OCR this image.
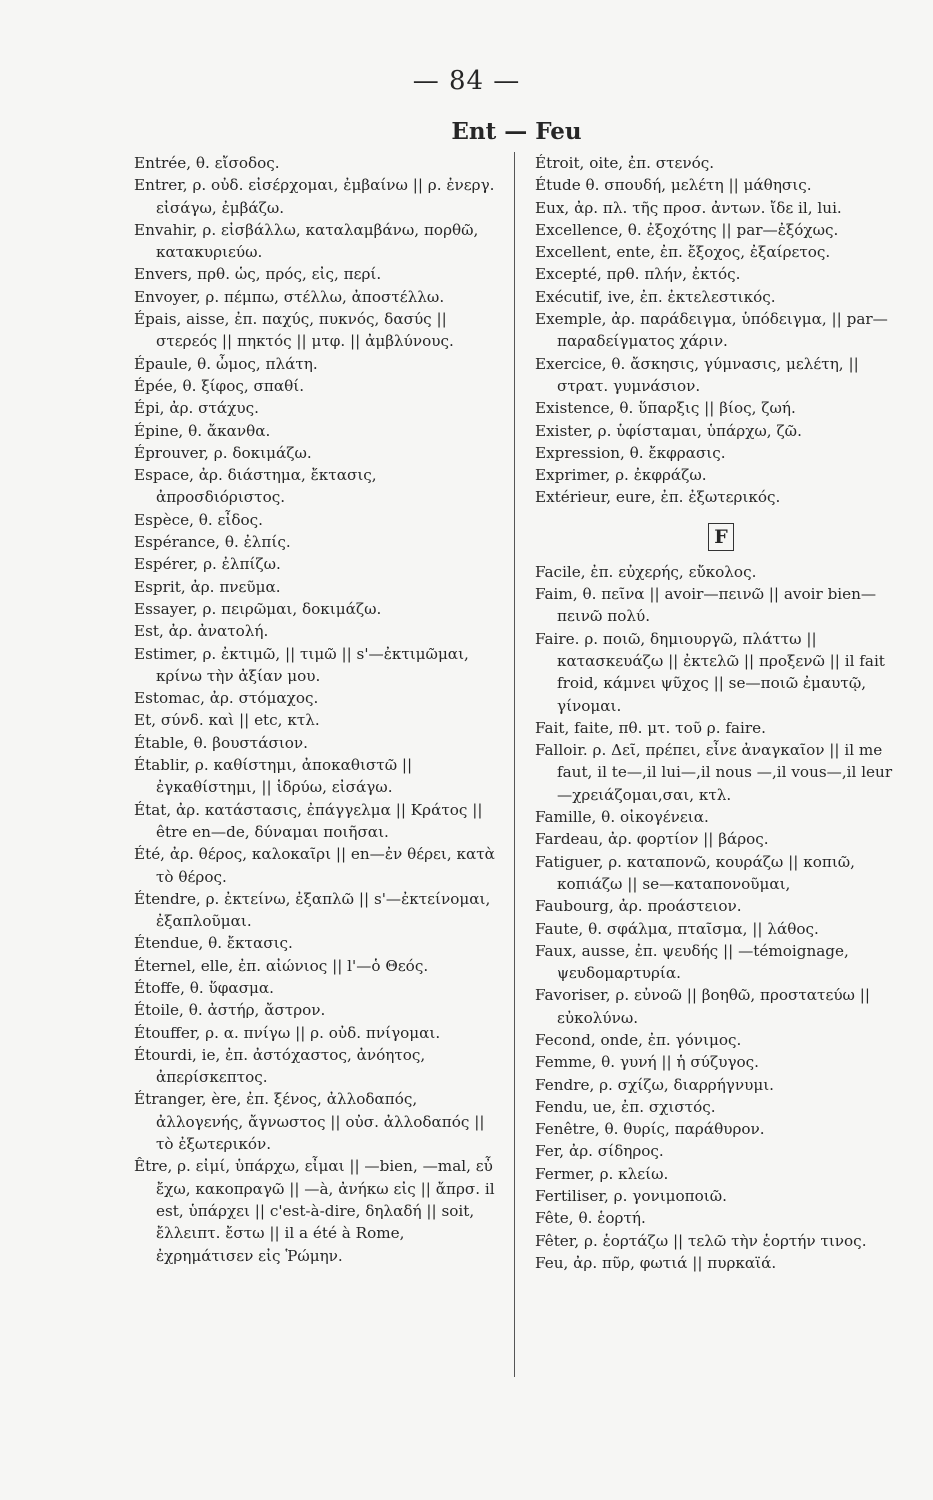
— 84 —
Ent — Feu

Entrée, θ. εἴσοδος.

Entrer, ρ. οὐδ. εἰσέρχομαι, ἐμβαίνω || ρ. ἐνεργ. εἰσάγω, ἐμβάζω.

Envahir, ρ. εἰσβάλλω, καταλαμβάνω, πορθῶ, κατακυριεύω.

Envers, πρθ. ὡς, πρός, εἰς, περί.

Envoyer, ρ. πέμπω, στέλλω, ἀποστέλλω.

Épais, aisse, ἐπ. παχύς, πυκνός, δασύς || στερεός || πηκτός || μτφ. || ἀμβλύνους.

Épaule, θ. ὦμος, πλάτη.

Épée, θ. ξίφος, σπαθί.

Épi, ἀρ. στάχυς.

Épine, θ. ἄκανθα.

Éprouver, ρ. δοκιμάζω.

Espace, ἀρ. διάστημα, ἔκτασις, ἀπροσδιόριστος.

Espèce, θ. εἶδος.

Espérance, θ. ἐλπίς.

Espérer, ρ. ἐλπίζω.

Esprit, ἀρ. πνεῦμα.

Essayer, ρ. πειρῶμαι, δοκιμάζω.

Est, ἀρ. ἀνατολή.

Estimer, ρ. ἐκτιμῶ, || τιμῶ || s'—ἐκτιμῶμαι, κρίνω τὴν ἀξίαν μου.

Estomac, ἀρ. στόμαχος.

Et, σύνδ. καὶ || etc, κτλ.

Étable, θ. βουστάσιον.

Établir, ρ. καθίστημι, ἀποκαθιστῶ || ἐγκαθίστημι, || ἱδρύω, εἰσάγω.

État, ἀρ. κατάστασις, ἐπάγγελμα || Κράτος || être en—de, δύναμαι ποιῆσαι.

Été, ἀρ. θέρος, καλοκαῖρι || en—ἐν θέρει, κατὰ τὸ θέρος.

Étendre, ρ. ἐκτείνω, ἐξαπλῶ || s'—ἐκτείνομαι, ἐξαπλοῦμαι.

Étendue, θ. ἔκτασις.

Éternel, elle, ἐπ. αἰώνιος || l'—ὁ Θεός.

Étoffe, θ. ὕφασμα.

Étoile, θ. ἀστήρ, ἄστρον.

Étouffer, ρ. α. πνίγω || ρ. οὐδ. πνίγομαι.

Étourdi, ie, ἐπ. ἀστόχαστος, ἀνόητος, ἀπερίσκεπτος.

Étranger, ère, ἐπ. ξένος, ἀλλοδαπός, ἀλλογενής, ἄγνωστος || οὐσ. ἀλλοδαπός || τὸ ἐξωτερικόν.

Être, ρ. εἰμί, ὑπάρχω, εἶμαι || —bien, —mal, εὖ ἔχω, κακοπραγῶ || —à, ἀνήκω εἰς || ἄπρσ. il est, ὑπάρχει || c'est-à-dire, δηλαδή || soit, ἔλλειπτ. ἔστω || il a été à Rome, ἐχρημάτισεν εἰς Ῥώμην.

Étroit, oite, ἐπ. στενός.

Étude θ. σπουδή, μελέτη || μάθησις.

Eux, ἀρ. πλ. τῆς προσ. ἀντων. ἴδε il, lui.

Excellence, θ. ἐξοχότης || par—ἐξόχως.

Excellent, ente, ἐπ. ἔξοχος, ἐξαίρετος.

Excepté, πρθ. πλήν, ἐκτός.

Exécutif, ive, ἐπ. ἐκτελεστικός.

Exemple, ἀρ. παράδειγμα, ὑπόδειγμα, || par—παραδείγματος χάριν.

Exercice, θ. ἄσκησις, γύμνασις, μελέτη, || στρατ. γυμνάσιον.

Existence, θ. ὕπαρξις || βίος, ζωή.

Exister, ρ. ὑφίσταμαι, ὑπάρχω, ζῶ.

Expression, θ. ἔκφρασις.

Exprimer, ρ. ἐκφράζω.

Extérieur, eure, ἐπ. ἐξωτερικός.

F

Facile, ἐπ. εὐχερής, εὔκολος.

Faim, θ. πεῖνα || avoir—πεινῶ || avoir bien—πεινῶ πολύ.

Faire. ρ. ποιῶ, δημιουργῶ, πλάττω || κατασκευάζω || ἐκτελῶ || προξενῶ || il fait froid, κάμνει ψῦχος || se—ποιῶ ἐμαυτῷ, γίνομαι.

Fait, faite, πθ. μτ. τοῦ ρ. faire.

Falloir. ρ. Δεῖ, πρέπει, εἶνε ἀναγκαῖον || il me faut, il te—,il lui—,il nous —,il vous—,il leur—χρειάζομαι,σαι, κτλ.

Famille, θ. οἰκογένεια.

Fardeau, ἀρ. φορτίον || βάρος.

Fatiguer, ρ. καταπονῶ, κουράζω || κοπιῶ, κοπιάζω || se—καταπονοῦμαι,

Faubourg, ἀρ. προάστειον.

Faute, θ. σφάλμα, πταῖσμα, || λάθος.

Faux, ausse, ἐπ. ψευδής || —témoignage, ψευδομαρτυρία.

Favoriser, ρ. εὐνοῶ || βοηθῶ, προστατεύω || εὐκολύνω.

Fecond, onde, ἐπ. γόνιμος.

Femme, θ. γυνή || ἡ σύζυγος.

Fendre, ρ. σχίζω, διαρρήγνυμι.

Fendu, ue, ἐπ. σχιστός.

Fenêtre, θ. θυρίς, παράθυρον.

Fer, ἀρ. σίδηρος.

Fermer, ρ. κλείω.

Fertiliser, ρ. γονιμοποιῶ.

Fête, θ. ἑορτή.

Fêter, ρ. ἑορτάζω || τελῶ τὴν ἑορτήν τινος.

Feu, ἀρ. πῦρ, φωτιά || πυρκαϊά.
